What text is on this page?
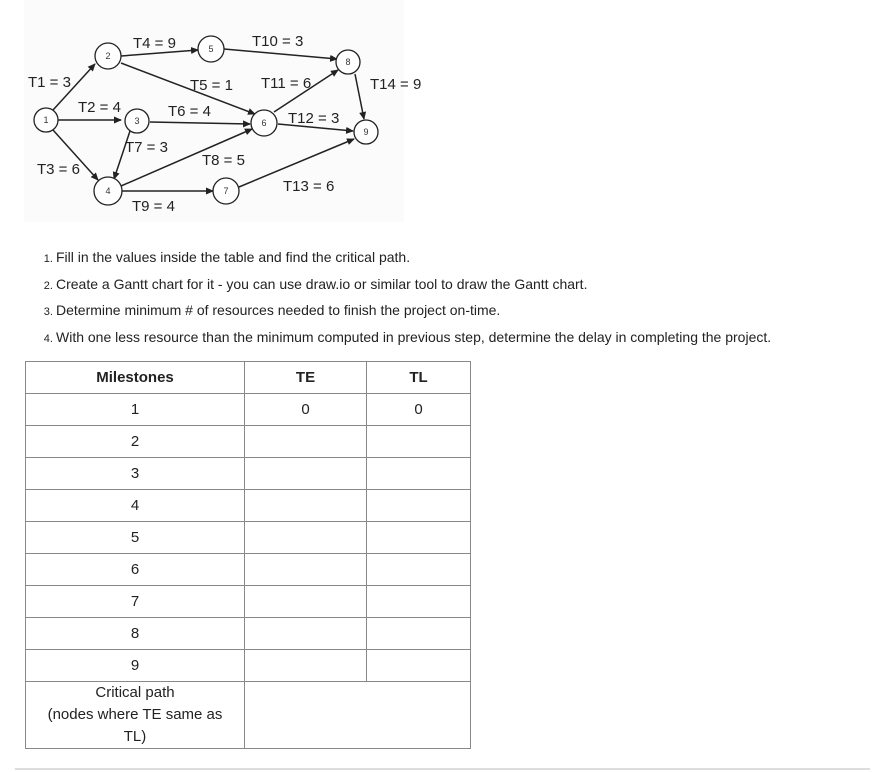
1
2
3
4
5
6
7
8
9
T1 = 3
T2 = 4
T3 = 6
T4 = 9
T5 = 1
T6 = 4
T7 = 3
T8 = 5
T9 = 4
T10 = 3
T11 = 6
T12 = 3
T13 = 6
T14 = 9
1. Fill in the values inside the table and find the critical path.
2. Create a Gantt chart for it - you can use draw.io or similar tool to draw the Gantt chart.
3. Determine minimum # of resources needed to finish the project on-time.
4. With one less resource than the minimum computed in previous step, determine the delay in completing the project.
Milestones	TE	TL
1	0	0
2		
3		
4		
5		
6		
7		
8		
9		

Critical path
(nodes where TE same as
TL)		
